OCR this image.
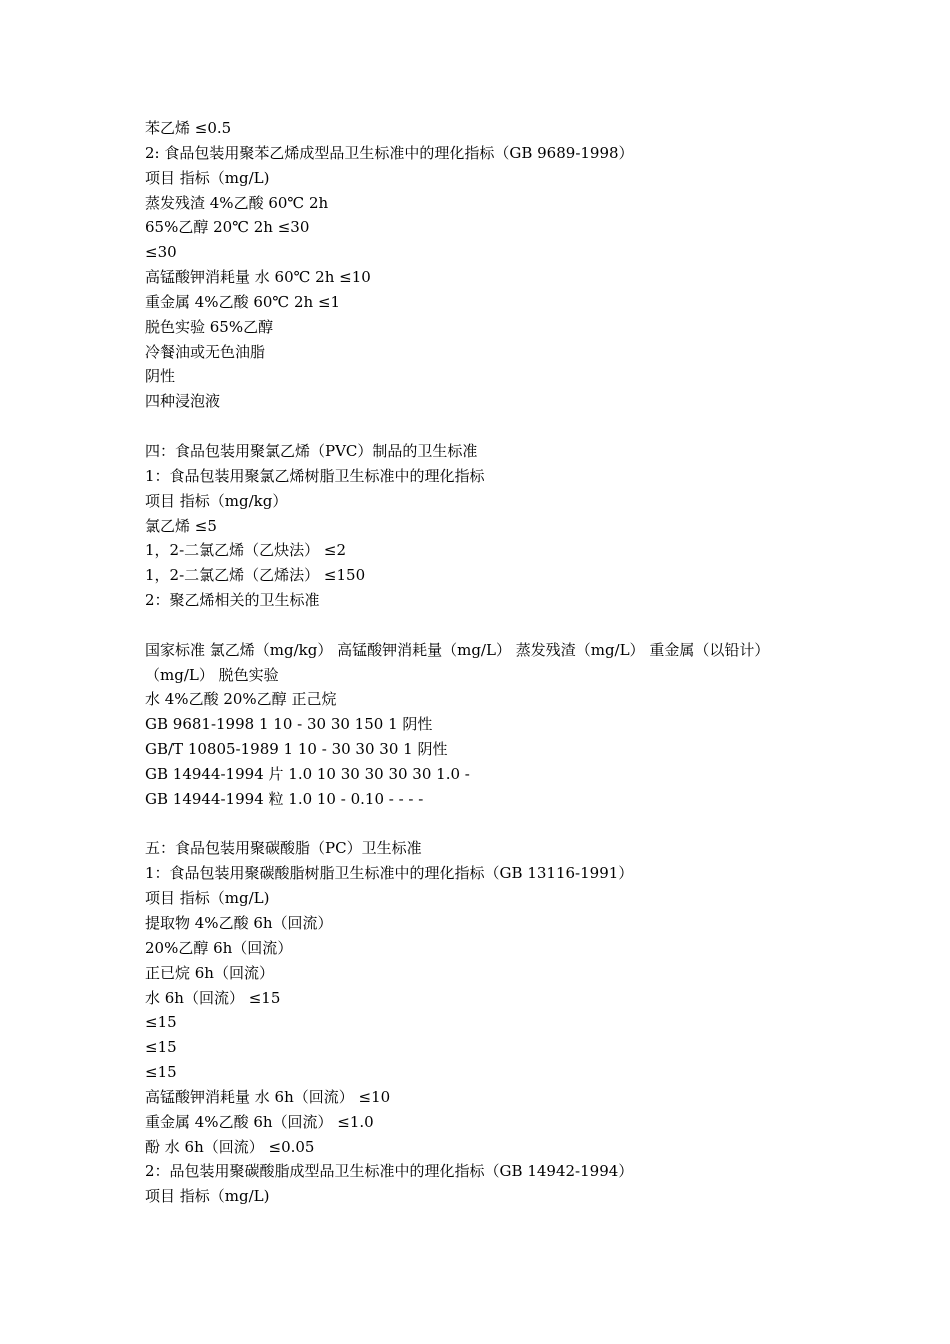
苯乙烯 ≤0.5
2: 食品包装用聚苯乙烯成型品卫生标准中的理化指标（GB 9689-1998）
项目 指标（mg/L)
蒸发残渣 4%乙酸 60℃ 2h
65%乙醇 20℃ 2h ≤30
≤30
高锰酸钾消耗量 水 60℃ 2h ≤10
重金属 4%乙酸 60℃ 2h ≤1
脱色实验 65%乙醇
冷餐油或无色油脂
阴性
四种浸泡液
四：食品包装用聚氯乙烯（PVC）制品的卫生标准
1：食品包装用聚氯乙烯树脂卫生标准中的理化指标
项目 指标（mg/kg）
氯乙烯 ≤5
1，2-二氯乙烯（乙炔法） ≤2
1，2-二氯乙烯（乙烯法） ≤150
2：聚乙烯相关的卫生标准
国家标准 氯乙烯（mg/kg） 高锰酸钾消耗量（mg/L） 蒸发残渣（mg/L） 重金属（以铅计）
（mg/L） 脱色实验
水 4%乙酸 20%乙醇 正己烷
GB 9681-1998 1 10 - 30 30 150 1 阴性
GB/T 10805-1989 1 10 - 30 30 30 1 阴性
GB 14944-1994 片 1.0 10 30 30 30 30 1.0 -
GB 14944-1994 粒 1.0 10 - 0.10 - - - -
五：食品包装用聚碳酸脂（PC）卫生标准
1：食品包装用聚碳酸脂树脂卫生标准中的理化指标（GB 13116-1991）
项目 指标（mg/L)
提取物 4%乙酸 6h（回流）
20%乙醇 6h（回流）
正已烷 6h（回流）
水 6h（回流） ≤15
≤15
≤15
≤15
高锰酸钾消耗量 水 6h（回流） ≤10
重金属 4%乙酸 6h（回流） ≤1.0
酚 水 6h（回流） ≤0.05
2：品包装用聚碳酸脂成型品卫生标准中的理化指标（GB 14942-1994）
项目 指标（mg/L)
